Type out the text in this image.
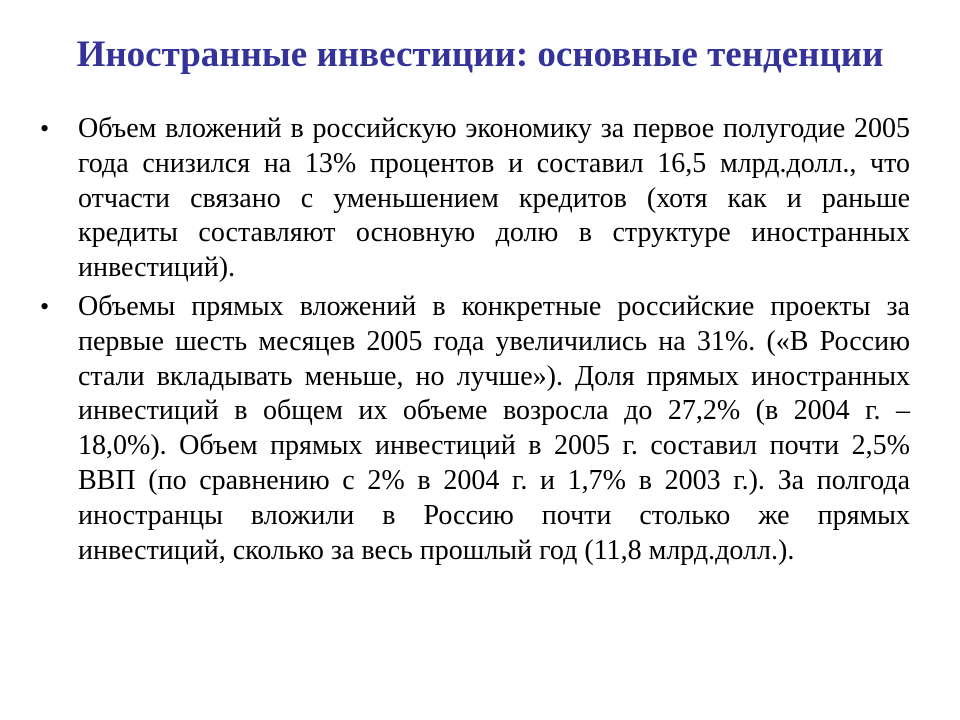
Иностранные инвестиции: основные тенденции
• Объем вложений в российскую экономику за первое полугодие 2005 года снизился на 13% процентов и составил 16,5 млрд.долл., что отчасти связано с уменьшением кредитов (хотя как и раньше кредиты составляют основную долю в структуре иностранных инвестиций).
• Объемы прямых вложений в конкретные российские проекты за первые шесть месяцев 2005 года увеличились на 31%. («В Россию стали вкладывать меньше, но лучше»). Доля прямых иностранных инвестиций в общем их объеме возросла до 27,2% (в 2004 г. – 18,0%). Объем прямых инвестиций в 2005 г. составил почти 2,5% ВВП (по сравнению с 2% в 2004 г. и 1,7% в 2003 г.). За полгода иностранцы вложили в Россию почти столько же прямых инвестиций, сколько за весь прошлый год (11,8 млрд.долл.).
